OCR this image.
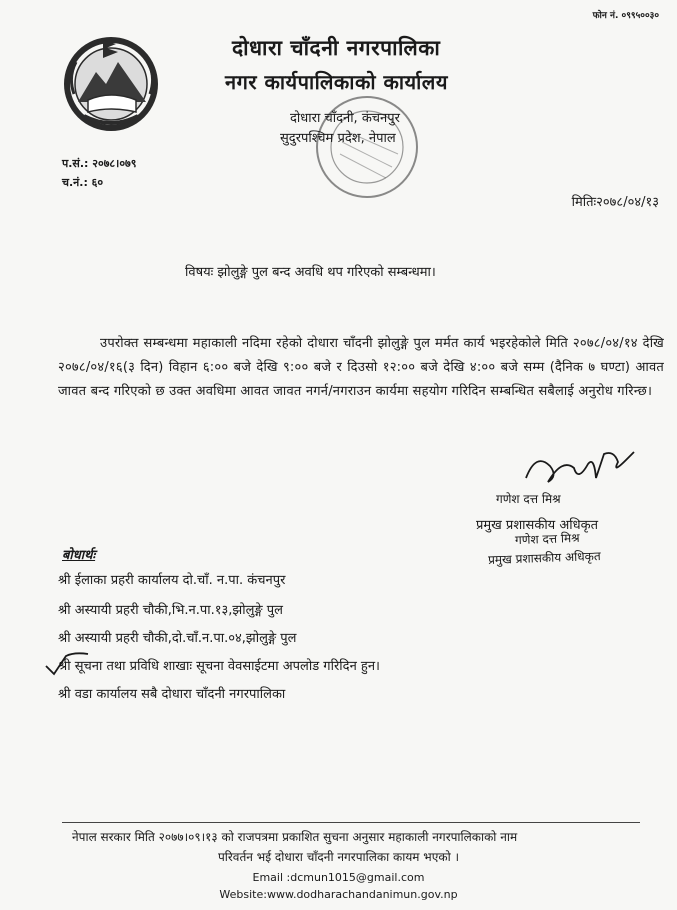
फोन नं. ०९९५००३०
दोधारा चाँदनी नगरपालिका
नगर कार्यपालिकाको कार्यालय
दोधारा चाँदनी, कंचनपुर
सुदुरपश्चिम प्रदेश, नेपाल
प.सं.: २०७८।०७९
च.नं.: ६०
मितिः२०७८/०४/१३
विषयः झोलुङ्गे पुल बन्द अवधि थप गरिएको सम्बन्धमा।
उपरोक्त सम्बन्धमा महाकाली नदिमा रहेको दोधारा चाँदनी झोलुङ्गे पुल मर्मत कार्य भइरहेकोले मिति २०७८/०४/१४ देखि २०७८/०४/१६(३ दिन) विहान ६:०० बजे देखि ९:०० बजे र दिउसो १२:०० बजे देखि ४:०० बजे सम्म (दैनिक ७ घण्टा) आवत जावत बन्द गरिएको छ उक्त अवधिमा आवत जावत नगर्न/नगराउन कार्यमा सहयोग गरिदिन सम्बन्धित सबैलाई अनुरोध गरिन्छ।
गणेश दत्त मिश्र
प्रमुख प्रशासकीय अधिकृत
गणेश दत्त मिश्र
प्रमुख प्रशासकीय अधिकृत
बोधार्थः
श्री ईलाका प्रहरी कार्यालय दो.चाँ. न.पा. कंचनपुर
श्री अस्यायी प्रहरी चौकी,भि.न.पा.१३,झोलुङ्गे पुल
श्री अस्यायी प्रहरी चौकी,दो.चाँ.न.पा.०४,झोलुङ्गे पुल
श्री सूचना तथा प्रविधि शाखाः सूचना वेवसाईटमा अपलोड गरिदिन हुन।
श्री वडा कार्यालय सबै दोधारा चाँदनी नगरपालिका
नेपाल सरकार मिति २०७७।०९।१३ को राजपत्रमा प्रकाशित सुचना अनुसार महाकाली नगरपालिकाको नाम
परिवर्तन भई दोधारा चाँदनी नगरपालिका कायम भएको ।
Email :dcmun1015@gmail.com
Website:www.dodharachandanimun.gov.np
